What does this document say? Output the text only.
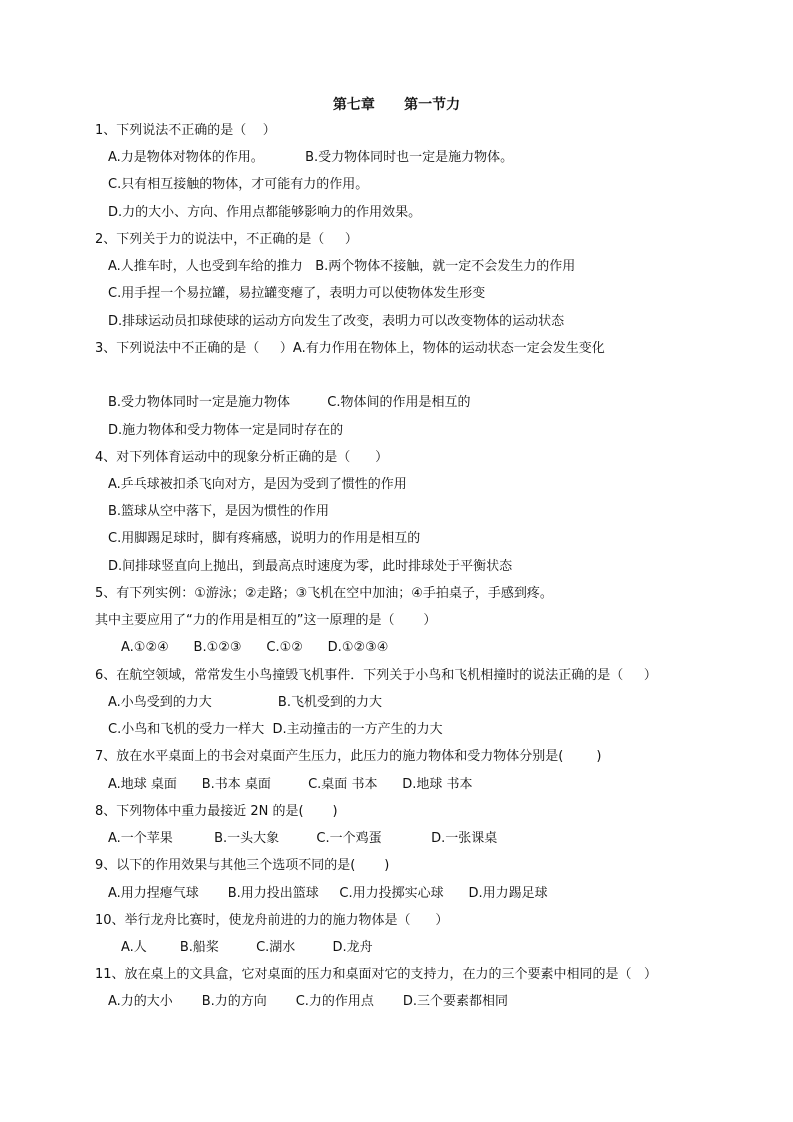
第七章      第一节力
1、下列说法不正确的是（    ）
A.力是物体对物体的作用。          B.受力物体同时也一定是施力物体。
C.只有相互接触的物体，才可能有力的作用。
D.力的大小、方向、作用点都能够影响力的作用效果。
2、下列关于力的说法中，不正确的是（     ）
A.人推车时，人也受到车给的推力   B.两个物体不接触，就一定不会发生力的作用
C.用手捏一个易拉罐，易拉罐变瘪了，表明力可以使物体发生形变
D.排球运动员扣球使球的运动方向发生了改变，表明力可以改变物体的运动状态
3、下列说法中不正确的是（     ）A.有力作用在物体上，物体的运动状态一定会发生变化
B.受力物体同时一定是施力物体         C.物体间的作用是相互的
D.施力物体和受力物体一定是同时存在的
4、对下列体育运动中的现象分析正确的是（      ）
A.乒乓球被扣杀飞向对方，是因为受到了惯性的作用
B.篮球从空中落下，是因为惯性的作用
C.用脚踢足球时，脚有疼痛感，说明力的作用是相互的
D.间排球竖直向上抛出，到最高点时速度为零，此时排球处于平衡状态
5、有下列实例：①游泳；②走路；③飞机在空中加油；④手拍桌子，手感到疼。
其中主要应用了“力的作用是相互的”这一原理的是（       ）
A.①②④      B.①②③      C.①②      D.①②③④
6、在航空领域，常常发生小鸟撞毁飞机事件．下列关于小鸟和飞机相撞时的说法正确的是（     ）
A.小鸟受到的力大                B.飞机受到的力大
C.小鸟和飞机的受力一样大  D.主动撞击的一方产生的力大
7、放在水平桌面上的书会对桌面产生压力，此压力的施力物体和受力物体分别是(        )
A.地球 桌面      B.书本 桌面         C.桌面 书本      D.地球 书本
8、下列物体中重力最接近 2N 的是(       )
A.一个苹果          B.一头大象         C.一个鸡蛋            D.一张课桌
9、以下的作用效果与其他三个选项不同的是(       )
A.用力捏瘪气球       B.用力投出篮球     C.用力投掷实心球      D.用力踢足球
10、举行龙舟比赛时，使龙舟前进的力的施力物体是（      ）
A.人        B.船桨         C.湖水         D.龙舟
11、放在桌上的文具盒，它对桌面的压力和桌面对它的支持力，在力的三个要素中相同的是（   ）
A.力的大小       B.力的方向       C.力的作用点       D.三个要素都相同
